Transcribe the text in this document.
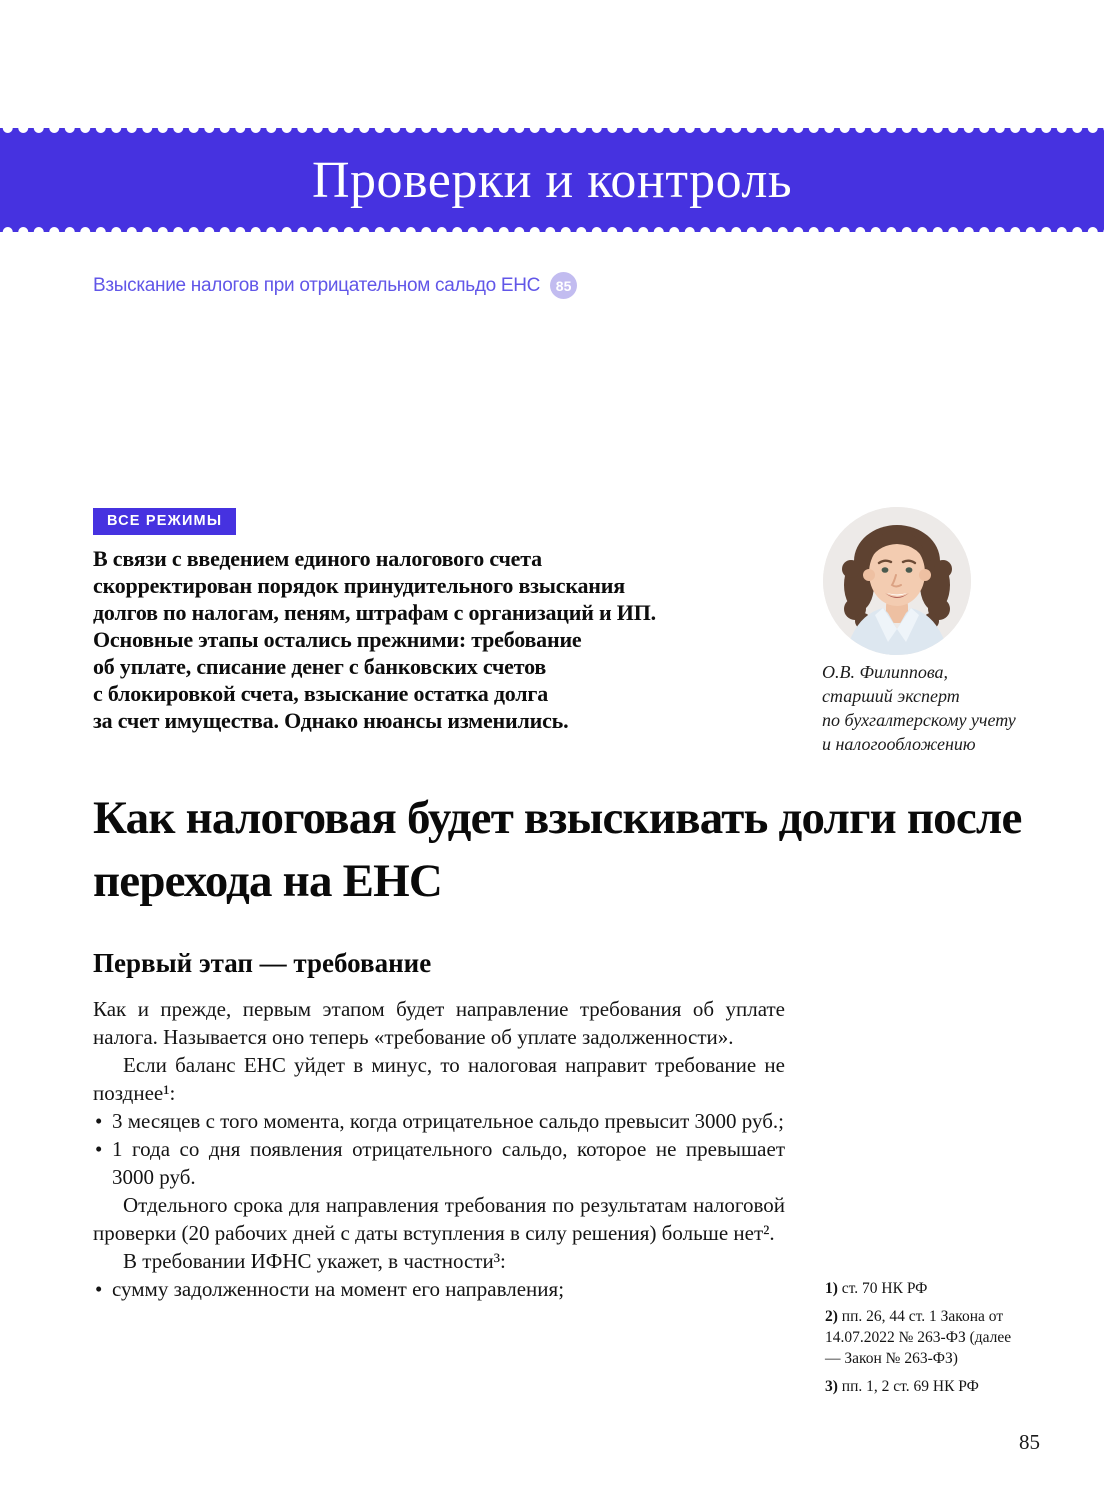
Проверки и контроль
Взыскание налогов при отрицательном сальдо ЕНС	85
ВСЕ РЕЖИМЫ
В связи с введением единого налогового счета
скорректирован порядок принудительного взыскания
долгов по налогам, пеням, штрафам с организаций и ИП.
Основные этапы остались прежними: требование
об уплате, списание денег с банковских счетов
с блокировкой счета, взыскание остатка долга
за счет имущества. Однако нюансы изменились.
О.В. Филиппова,
старший эксперт
по бухгалтерскому учету
и налогообложению
Как налоговая будет взыскивать долги после перехода на ЕНС
Первый этап — требование

Как и прежде, первым этапом будет направление требования об уплате налога. Называется оно теперь «требование об уплате задолженности».

Если баланс ЕНС уйдет в минус, то налоговая направит требование не позднее¹:

• 3 месяцев с того момента, когда отрицательное сальдо превысит 3000 руб.;

• 1 года со дня появления отрицательного сальдо, которое не превышает 3000 руб.

Отдельного срока для направления требования по результатам налоговой проверки (20 рабочих дней с даты вступления в силу решения) больше нет².

В требовании ИФНС укажет, в частности³:

• сумму задолженности на момент его направления;	1) ст. 70 НК РФ
2) пп. 26, 44 ст. 1 Закона от 14.07.2022 № 263-ФЗ (далее — Закон № 263-ФЗ)
3) пп. 1, 2 ст. 69 НК РФ
85
